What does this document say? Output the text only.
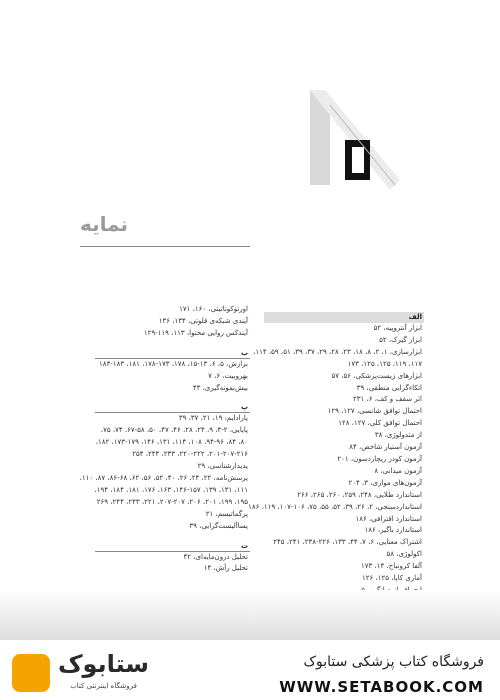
نمایه
اورتوکوناتیتی، ۱۶۰، ۱۷۱
آیندی شبکه‌ی قلوتی، ۱۳۴، ۱۳۶
آیندکس روایی محتوا، ۱۱۳، ۱۱۹-۱۲۹
ب
برازش، ۵، ۶، ۱۳-۱۵، ۱۷۸، ۱۷۳-۱۷۸، ۱۸۱، ۱۸۳-۱۸۳
بهروبیت، ۶، ۷
بیش‌نمونه‌گیری، ۴۳
پ
پارادایم، ۱۹، ۲۱، ۳۷، ۳۹
پایایی، ۲-۴، ۹، ۲۴، ۲۸، ۴۶، ۴۷، ۵۰، ۵۸-۶۷، ۷۴، ۷۵،
۸۰، ۸۴، ۹۴-۹۶، ۱۰۸، ۱۱۴، ۱۳۱، ۱۴۶، ۱۷۳-۱۷۹، ۱۸۲،
۲۰۱-۲۰۷-۲۱۶، ۲۲۰-۲۲۲، ۲۳۳، ۲۴۴، ۲۵۴
پدیدارشناسی، ۲۹
پرسش‌نامه، ۲۲، ۲۴، ۲۶، ۴۰، ۵۲، ۵۶، ۶۲، ۶۸-۸۶، ۸۷، ۱۱۰،
۱۱۱، ۱۳۱، ۱۳۹، ۱۴۶-۱۵۷، ۱۶۳، ۱۷۶، ۱۸۱، ۱۸۴، ۱۹۴،
۱۹۵، ۱۹۹، ۲۰۱، ۲۰۶، ۲۰۷-۲۰۷، ۲۲۱، ۲۴۳، ۲۴۴، ۲۶۹
پرگماتیسم، ۲۱
پساآلیست‌گرایی، ۳۹
ت
تحلیل درون‌مایه‌ای، ۴۲
تحلیل رأش، ۱۴
الف
ابزار آنتروپیه، ۵۲
ابزار گیرک، ۵۲
ابزارسازی، ۱، ۲، ۸، ۱۸، ۲۳، ۲۸، ۲۹، ۳۷، ۳۹، ۵۱، ۵۹، ۱۱۴،
۱۱۷، ۱۱۹، ۱۲۵، ۱۲۵، ۱۷۳
ابزارهای زیست‌پزشکی، ۵۶، ۵۷
اتکاء‌گرایی منطقی، ۳۹
اثر سقف و کف، ۶، ۲۳۱
احتمال توافق شانسی، ۱۲۷، ۱۲۹
احتمال توافق کلی، ۱۲۷، ۱۲۸
از متدولوژی، ۳۸
آزمون آستیار شاخص، ۸۴
آزمون کودر ریچاردسون، ۲۰۱
آزمون میدانی، ۸
آزمون‌های موازی، ۳، ۲۰۴
استاندارد طلایی، ۲۴۸، ۲۵۹، ۲۶۰، ۲۶۵، ۲۶۶
استانداردسنجی، ۲، ۲۶، ۳۹، ۵۲، ۵۵، ۷۵، ۱۰۶-۱۰۷، ۱۱۹، ۱۸۶
استاندارد اقترافی، ۱۸۶
استاندارد باگیر، ۱۸۶
اشتراک معنایی، ۶، ۷، ۴۴، ۱۳۳، ۲۲۶-۲۳۸، ۲۴۱، ۲۴۵
اکولوژی، ۵۸
آلفا کرونباخ، ۱۴، ۱۷۳
آماری کاپا، ۱۲۵، ۱۲۶
ستابوک
فروشگاه اینترنتی کتاب
فروشگاه کتاب پزشکی ستابوک
WWW.SETABOOK.COM
